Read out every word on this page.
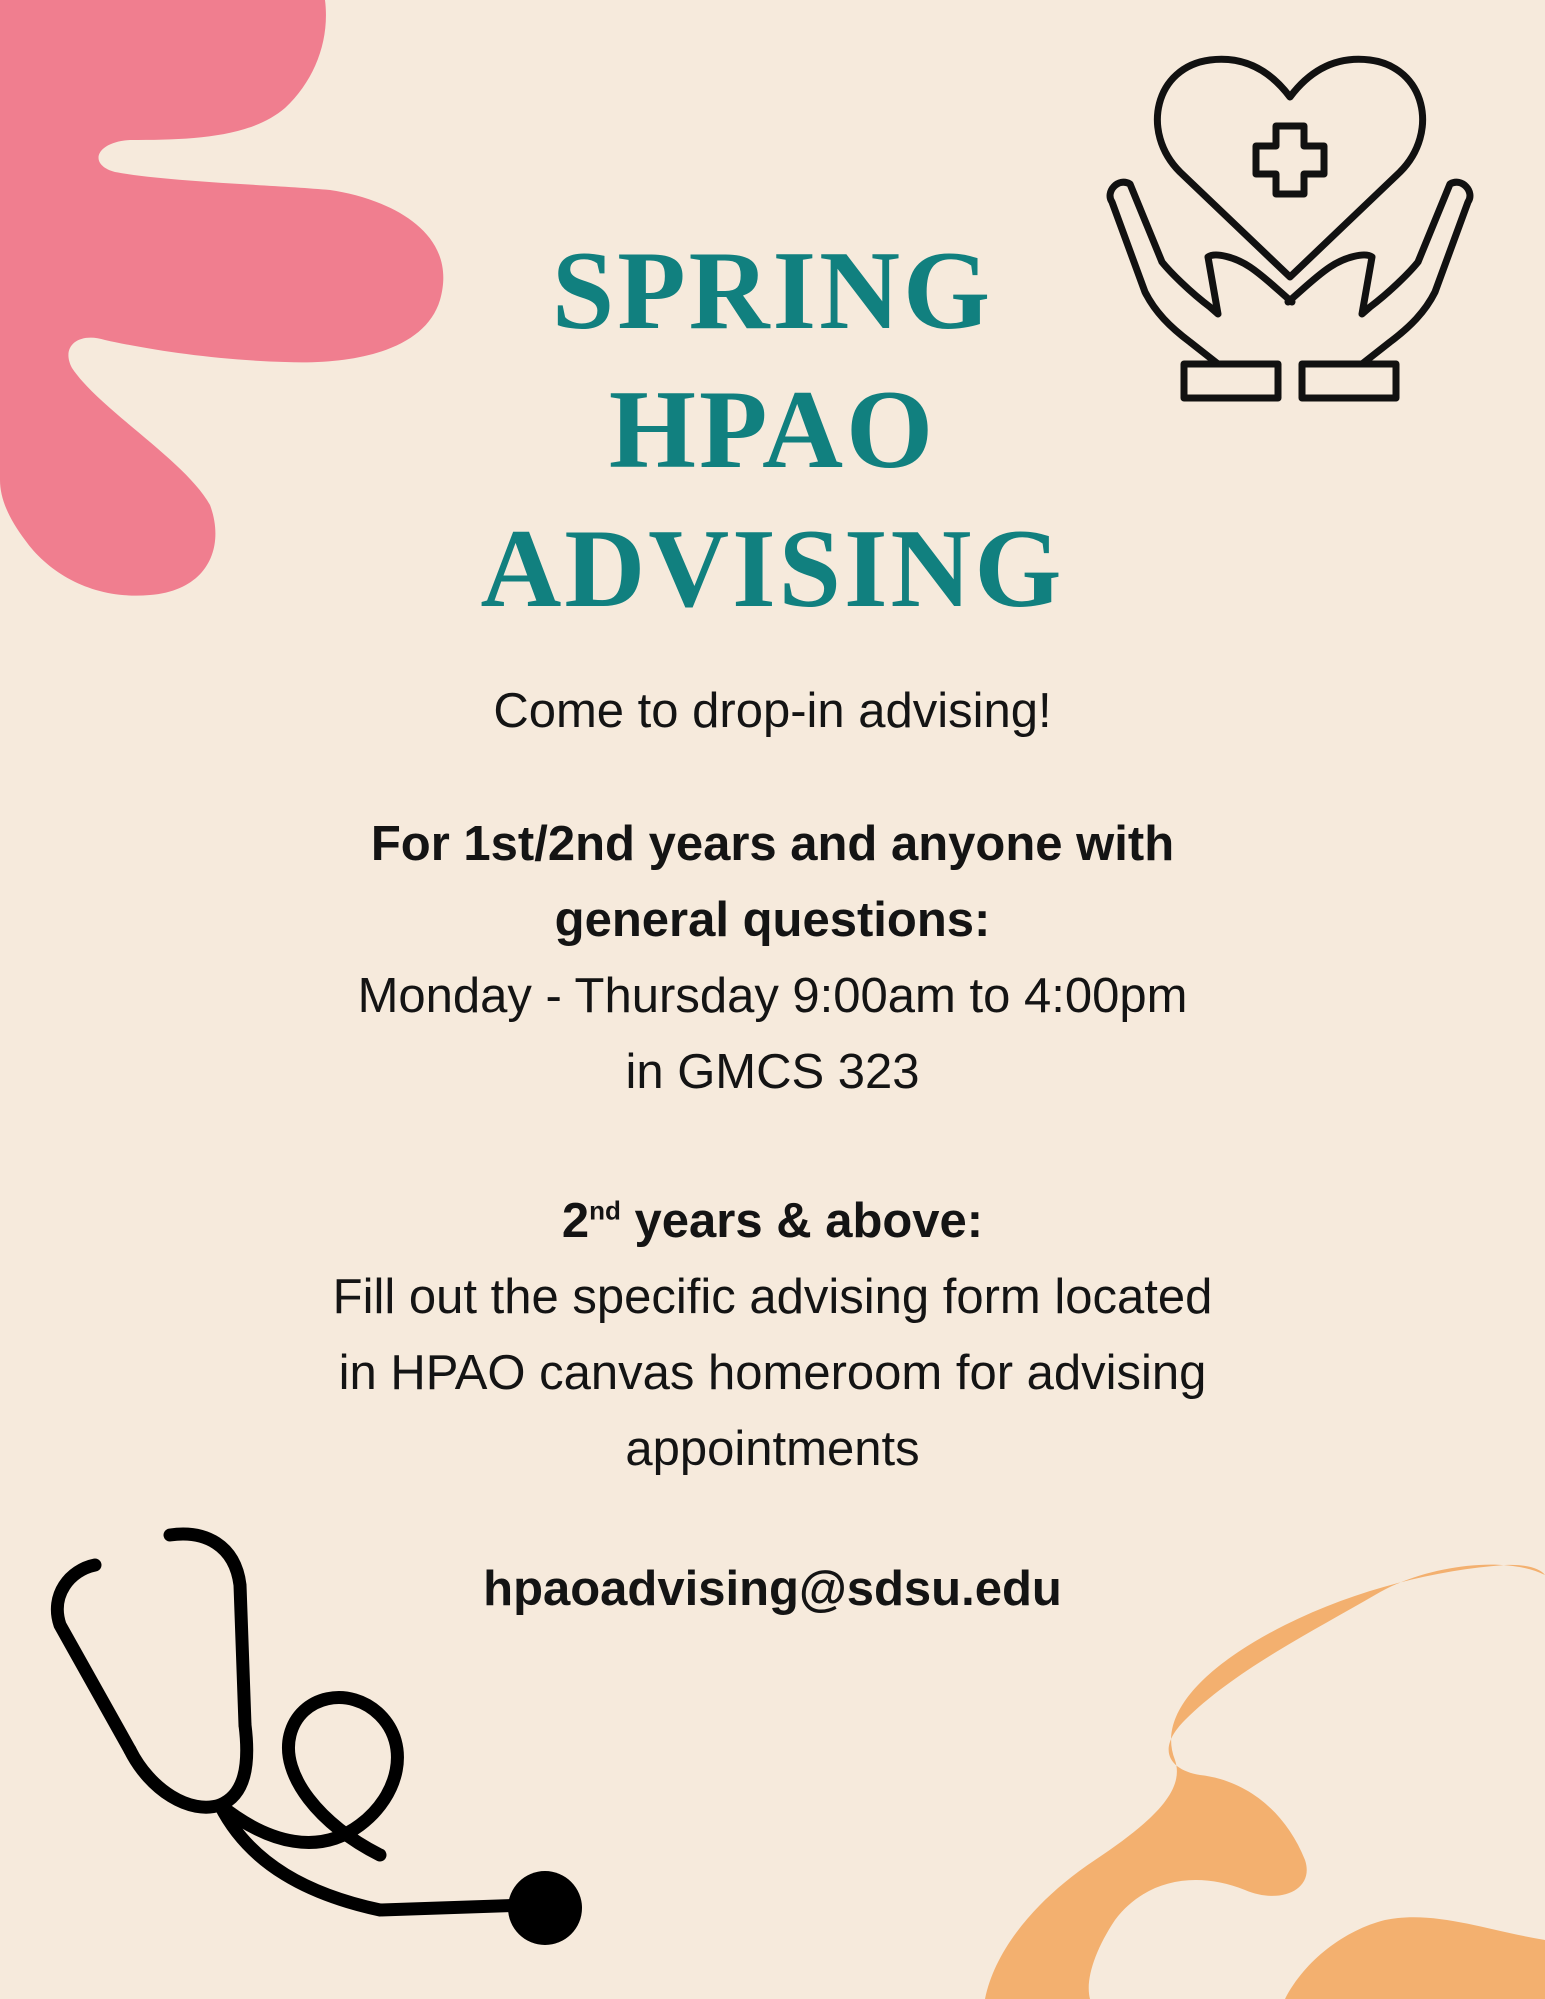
SPRING
HPAO
ADVISING
Come to drop-in advising!
For 1st/2nd years and anyone with
general questions:
Monday - Thursday 9:00am to 4:00pm
in GMCS 323
2nd years & above:
Fill out the specific advising form located
in HPAO canvas homeroom for advising
appointments
hpaoadvising@sdsu.edu
